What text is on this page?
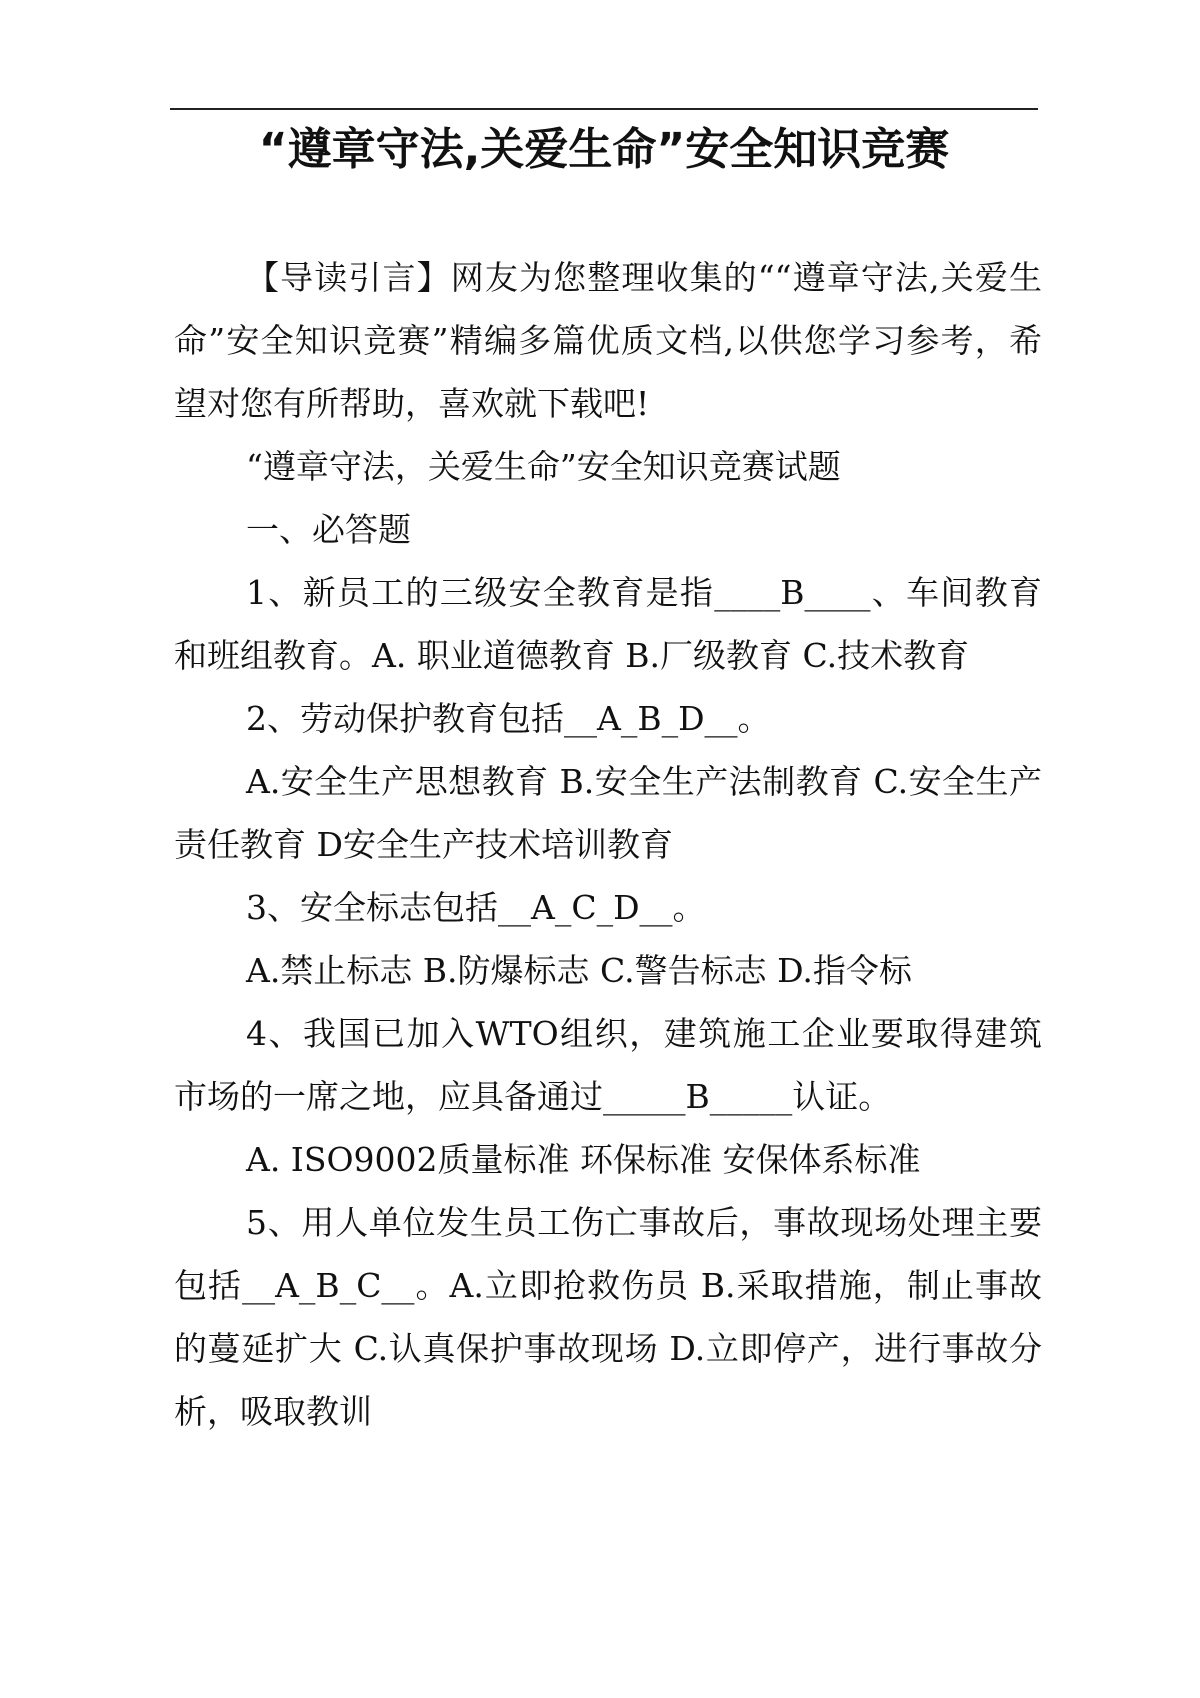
“遵章守法,关爱生命”安全知识竞赛

【导读引言】网友为您整理收集的““遵章守法,关爱生命”安全知识竞赛”精编多篇优质文档,以供您学习参考，希望对您有所帮助，喜欢就下载吧!

“遵章守法，关爱生命”安全知识竞赛试题

一、必答题

1、新员工的三级安全教育是指____B____、车间教育和班组教育。A. 职业道德教育 B.厂级教育 C.技术教育

2、劳动保护教育包括__A_B_D__。

A.安全生产思想教育 B.安全生产法制教育 C.安全生产责任教育 D安全生产技术培训教育

3、安全标志包括__A_C_D__。

A.禁止标志 B.防爆标志 C.警告标志 D.指令标

4、我国已加入WTO组织，建筑施工企业要取得建筑市场的一席之地，应具备通过_____B_____认证。

A. ISO9002质量标准 环保标准 安保体系标准

5、用人单位发生员工伤亡事故后，事故现场处理主要包括__A_B_C__。A.立即抢救伤员 B.采取措施，制止事故的蔓延扩大 C.认真保护事故现场 D.立即停产，进行事故分析，吸取教训
